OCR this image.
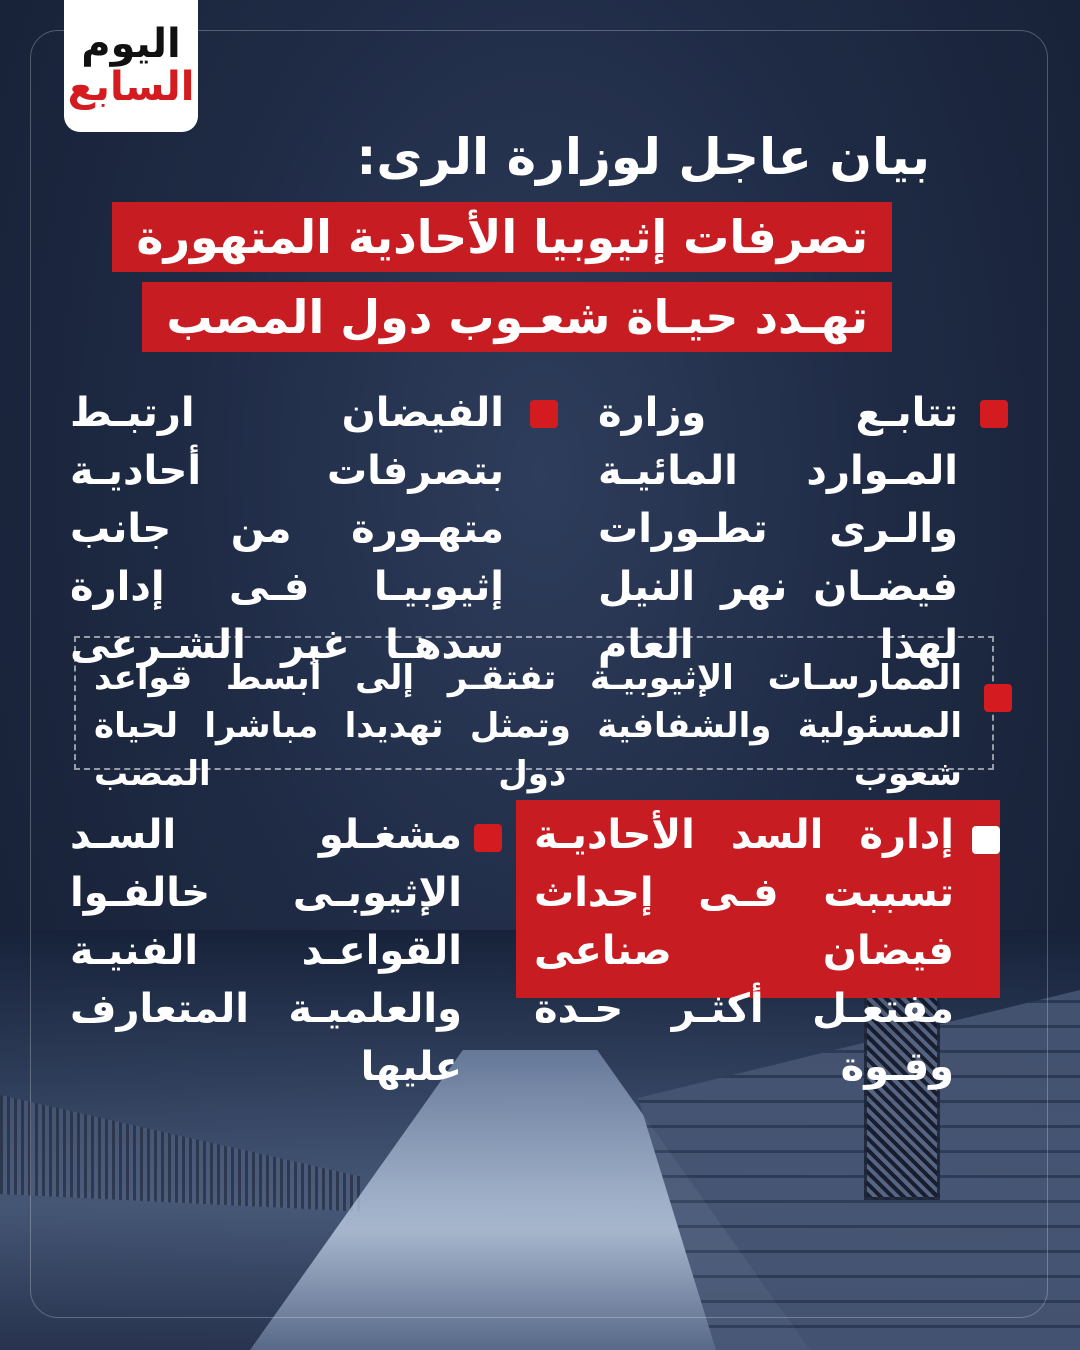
اليوم
السابع
بيان عاجل لوزارة الرى:
تصرفات إثيوبيا الأحادية المتهورة
تهـدد حيـاة شعـوب دول المصب
تتابـع وزارة المـوارد المائيـة والـرى تطـورات فيضـان نهر النيل لهذا العام
الفيضان ارتبـط بتصرفات أحاديـة متهـورة من جانب إثيوبيـا فـى إدارة سدهـا غير الشـرعى
الممارسـات الإثيوبيـة تفتقـر إلى أبسط قواعد المسئولية والشفافية وتمثل تهديدا مباشرا لحياة شعوب دول المصب
إدارة السد الأحاديـة تسببت فـى إحداث فيضان صناعى مفتعـل أكثـر حـدة وقـوة
مشغـلو السـد الإثيوبـى خالفـوا القواعـد الفنيـة والعلميـة المتعارف عليها
